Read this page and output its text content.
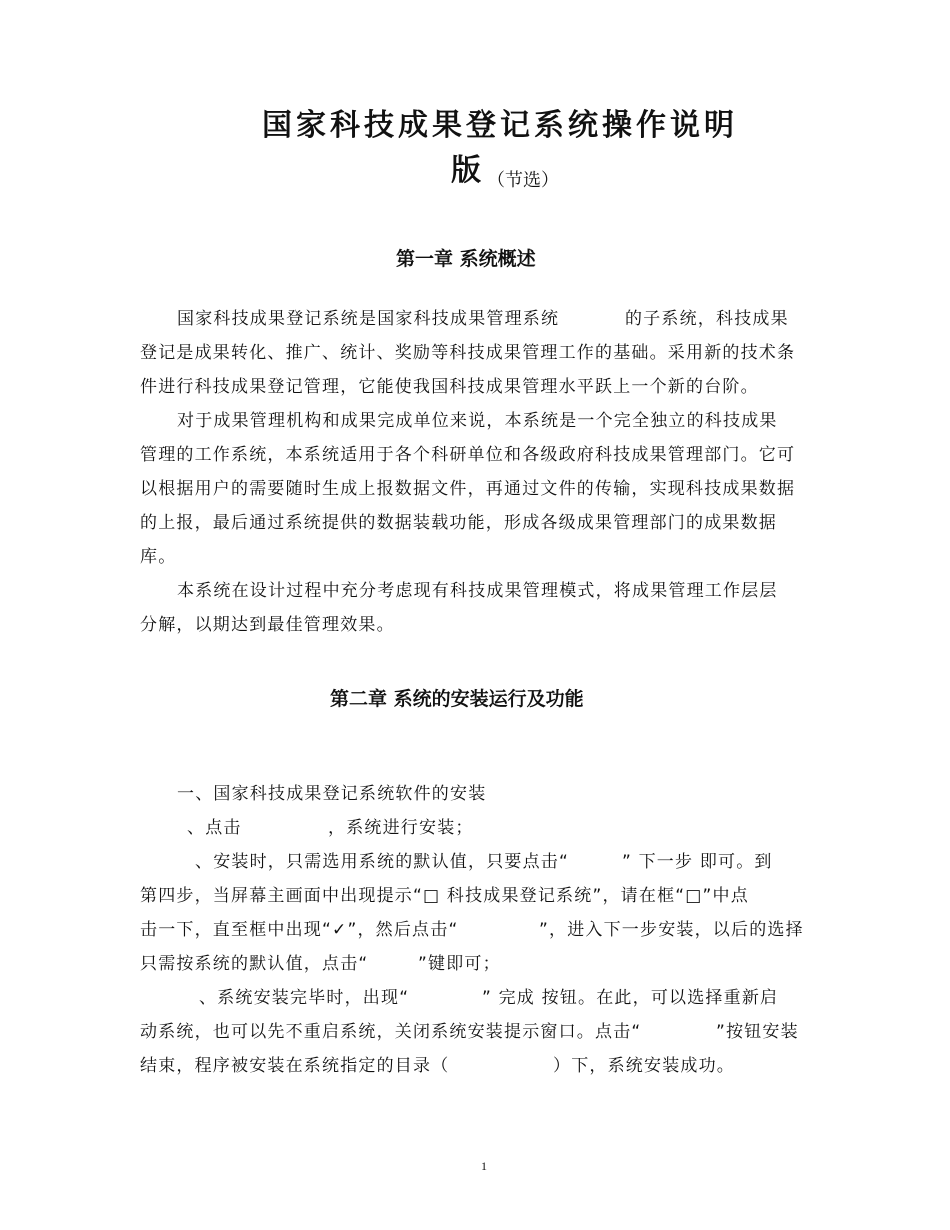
国家科技成果登记系统操作说明
版 （节选）
第一章 系统概述
国家科技成果登记系统是国家科技成果管理系统	的子系统，科技成果
登记是成果转化、推广、统计、奖励等科技成果管理工作的基础。采用新的技术条
件进行科技成果登记管理，它能使我国科技成果管理水平跃上一个新的台阶。
对于成果管理机构和成果完成单位来说，本系统是一个完全独立的科技成果
管理的工作系统，本系统适用于各个科研单位和各级政府科技成果管理部门。它可
以根据用户的需要随时生成上报数据文件，再通过文件的传输，实现科技成果数据
的上报，最后通过系统提供的数据装载功能，形成各级成果管理部门的成果数据
库。
本系统在设计过程中充分考虑现有科技成果管理模式，将成果管理工作层层
分解，以期达到最佳管理效果。
第二章 系统的安装运行及功能
一、国家科技成果登记系统软件的安装
、点击	，系统进行安装；
、安装时，只需选用系统的默认值，只要点击“	” 下一步 即可。到
第四步，当屏幕主画面中出现提示“□ 科技成果登记系统”，请在框“□”中点
击一下，直至框中出现“✓”，然后点击“	”，进入下一步安装，以后的选择
只需按系统的默认值，点击“	”键即可；
、系统安装完毕时，出现“	” 完成 按钮。在此，可以选择重新启
动系统，也可以先不重启系统，关闭系统安装提示窗口。点击“	”按钮安装
结束，程序被安装在系统指定的目录（	）下，系统安装成功。
1
